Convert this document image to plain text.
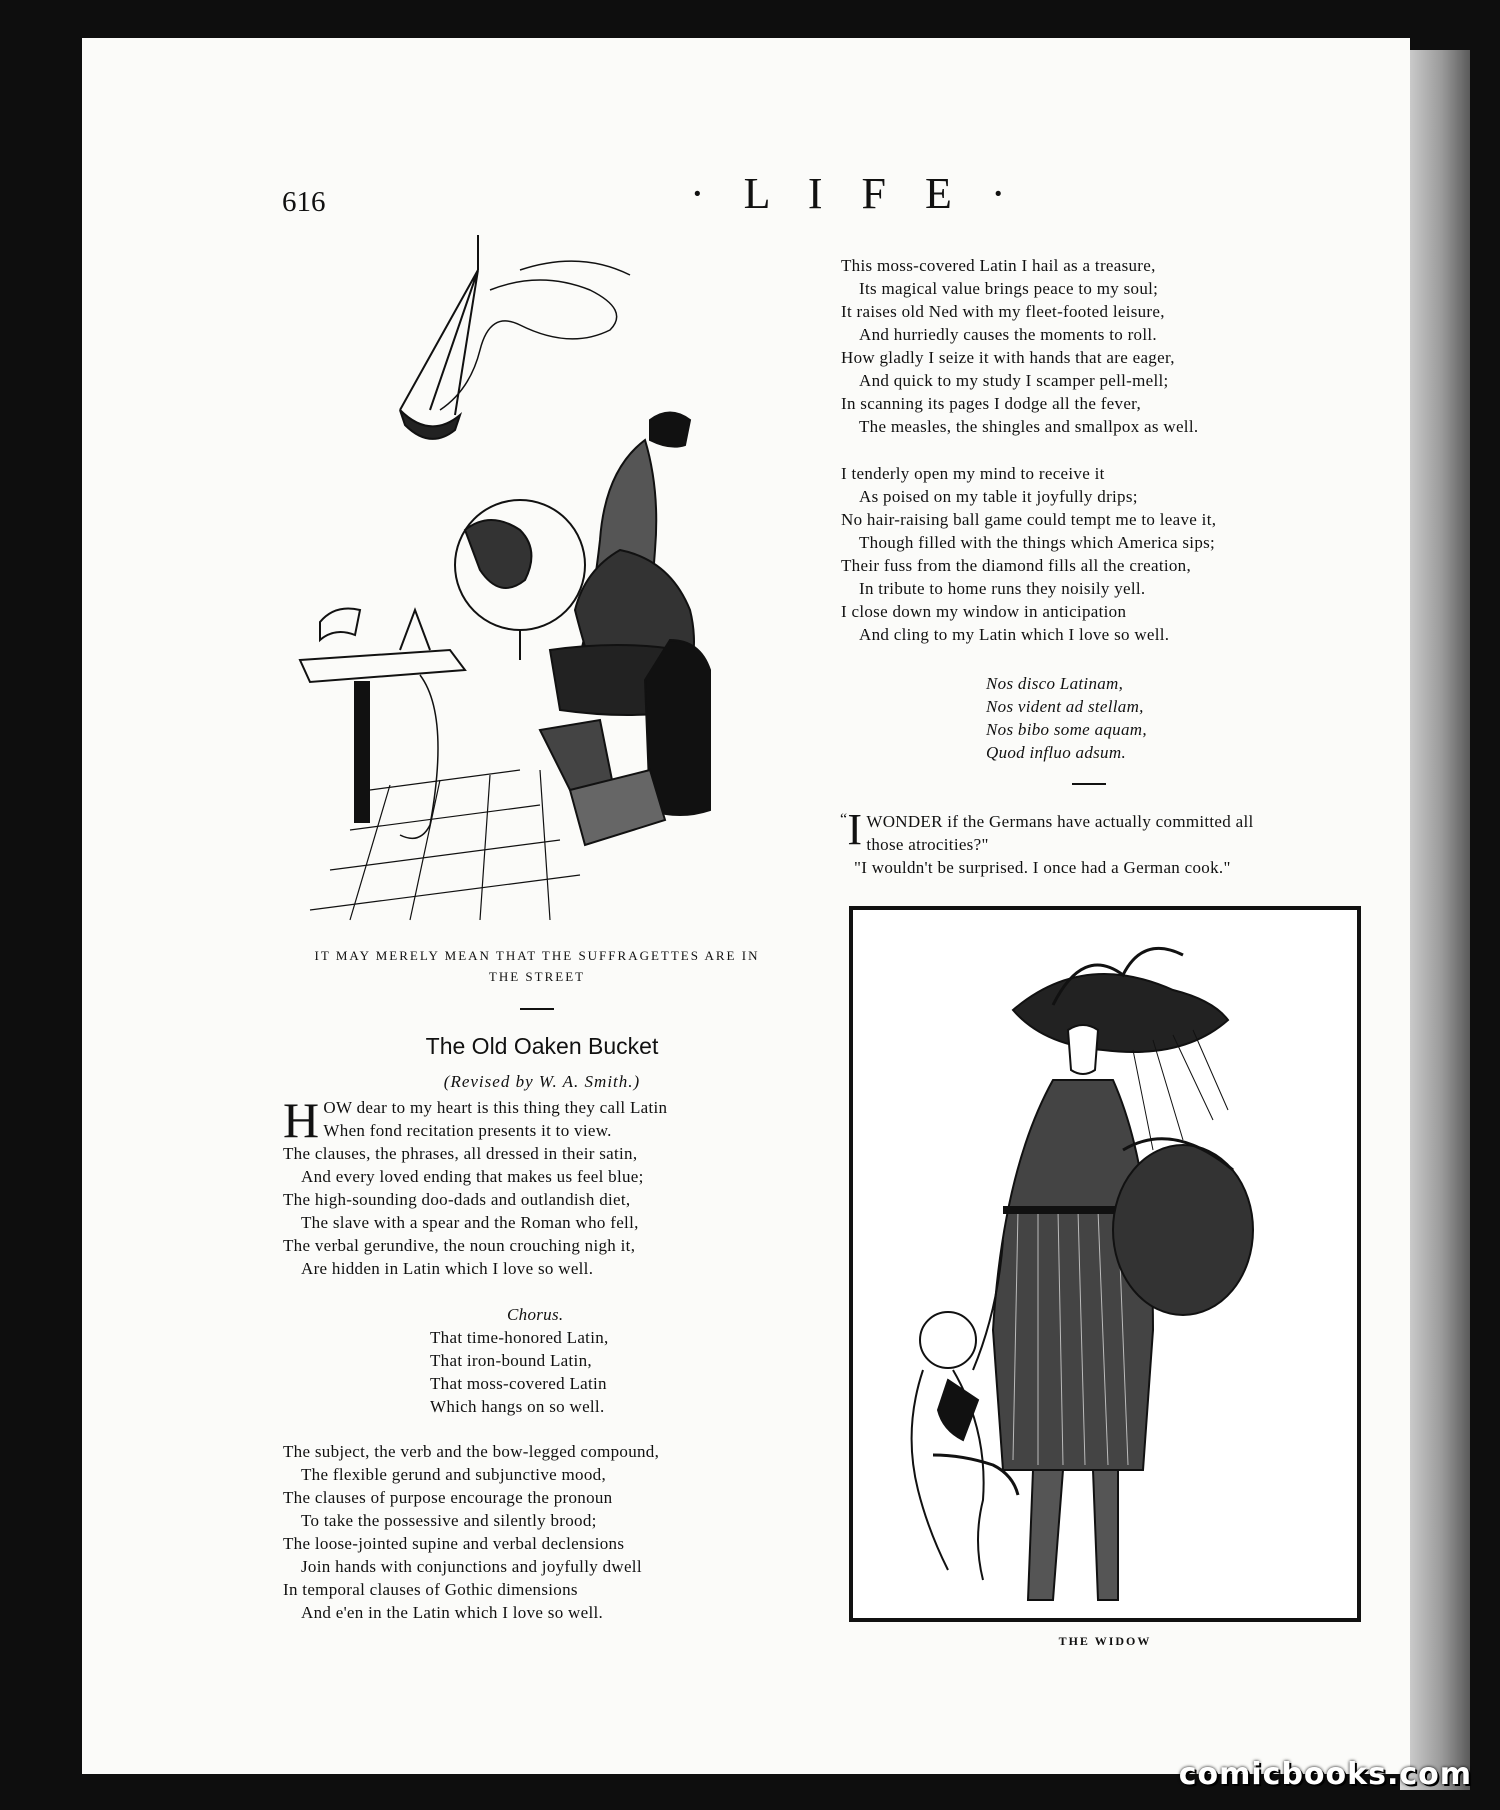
616	· L I F E ·
IT MAY MERELY MEAN THAT THE SUFFRAGETTES ARE IN
THE STREET
The Old Oaken Bucket
(Revised by W. A. Smith.)
H OW dear to my heart is this thing they call Latin
When fond recitation presents it to view.
The clauses, the phrases, all dressed in their satin,
And every loved ending that makes us feel blue;
The high-sounding doo-dads and outlandish diet,
The slave with a spear and the Roman who fell,
The verbal gerundive, the noun crouching nigh it,
Are hidden in Latin which I love so well.
Chorus.
That time-honored Latin,
That iron-bound Latin,
That moss-covered Latin
Which hangs on so well.
The subject, the verb and the bow-legged compound,
The flexible gerund and subjunctive mood,
The clauses of purpose encourage the pronoun
To take the possessive and silently brood;
The loose-jointed supine and verbal declensions
Join hands with conjunctions and joyfully dwell
In temporal clauses of Gothic dimensions
And e'en in the Latin which I love so well.
This moss-covered Latin I hail as a treasure,
Its magical value brings peace to my soul;
It raises old Ned with my fleet-footed leisure,
And hurriedly causes the moments to roll.
How gladly I seize it with hands that are eager,
And quick to my study I scamper pell-mell;
In scanning its pages I dodge all the fever,
The measles, the shingles and smallpox as well.
I tenderly open my mind to receive it
As poised on my table it joyfully drips;
No hair-raising ball game could tempt me to leave it,
Though filled with the things which America sips;
Their fuss from the diamond fills all the creation,
In tribute to home runs they noisily yell.
I close down my window in anticipation
And cling to my Latin which I love so well.
Nos disco Latinam,
Nos vident ad stellam,
Nos bibo some aquam,
Quod influo adsum.
“ I WONDER if the Germans have actually committed all
those atrocities?"
"I wouldn't be surprised. I once had a German cook."
THE WIDOW
comicbooks.com
